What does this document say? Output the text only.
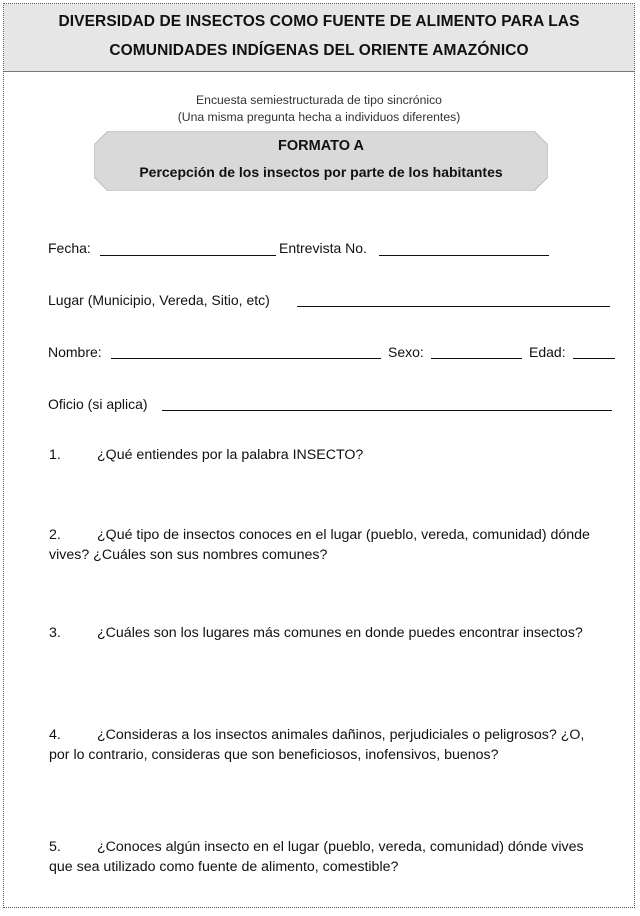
DIVERSIDAD DE INSECTOS COMO FUENTE DE ALIMENTO PARA LAS
COMUNIDADES INDÍGENAS DEL ORIENTE AMAZÓNICO
Encuesta semiestructurada de tipo sincrónico
(Una misma pregunta hecha a individuos diferentes)
FORMATO A
Percepción de los insectos por parte de los habitantes
Fecha:	Entrevista No.
Lugar (Municipio, Vereda, Sitio, etc)
Nombre:	Sexo:	Edad:
Oficio (si aplica)
1.	¿Qué entiendes por la palabra INSECTO?
2.	¿Qué tipo de insectos conoces en el lugar (pueblo, vereda, comunidad) dónde
vives? ¿Cuáles son sus nombres comunes?
3.	¿Cuáles son los lugares más comunes en donde puedes encontrar insectos?
4.	¿Consideras a los insectos animales dañinos, perjudiciales o peligrosos? ¿O,
por lo contrario, consideras que son beneficiosos, inofensivos, buenos?
5.	¿Conoces algún insecto en el lugar (pueblo, vereda, comunidad) dónde vives
que sea utilizado como fuente de alimento, comestible?
